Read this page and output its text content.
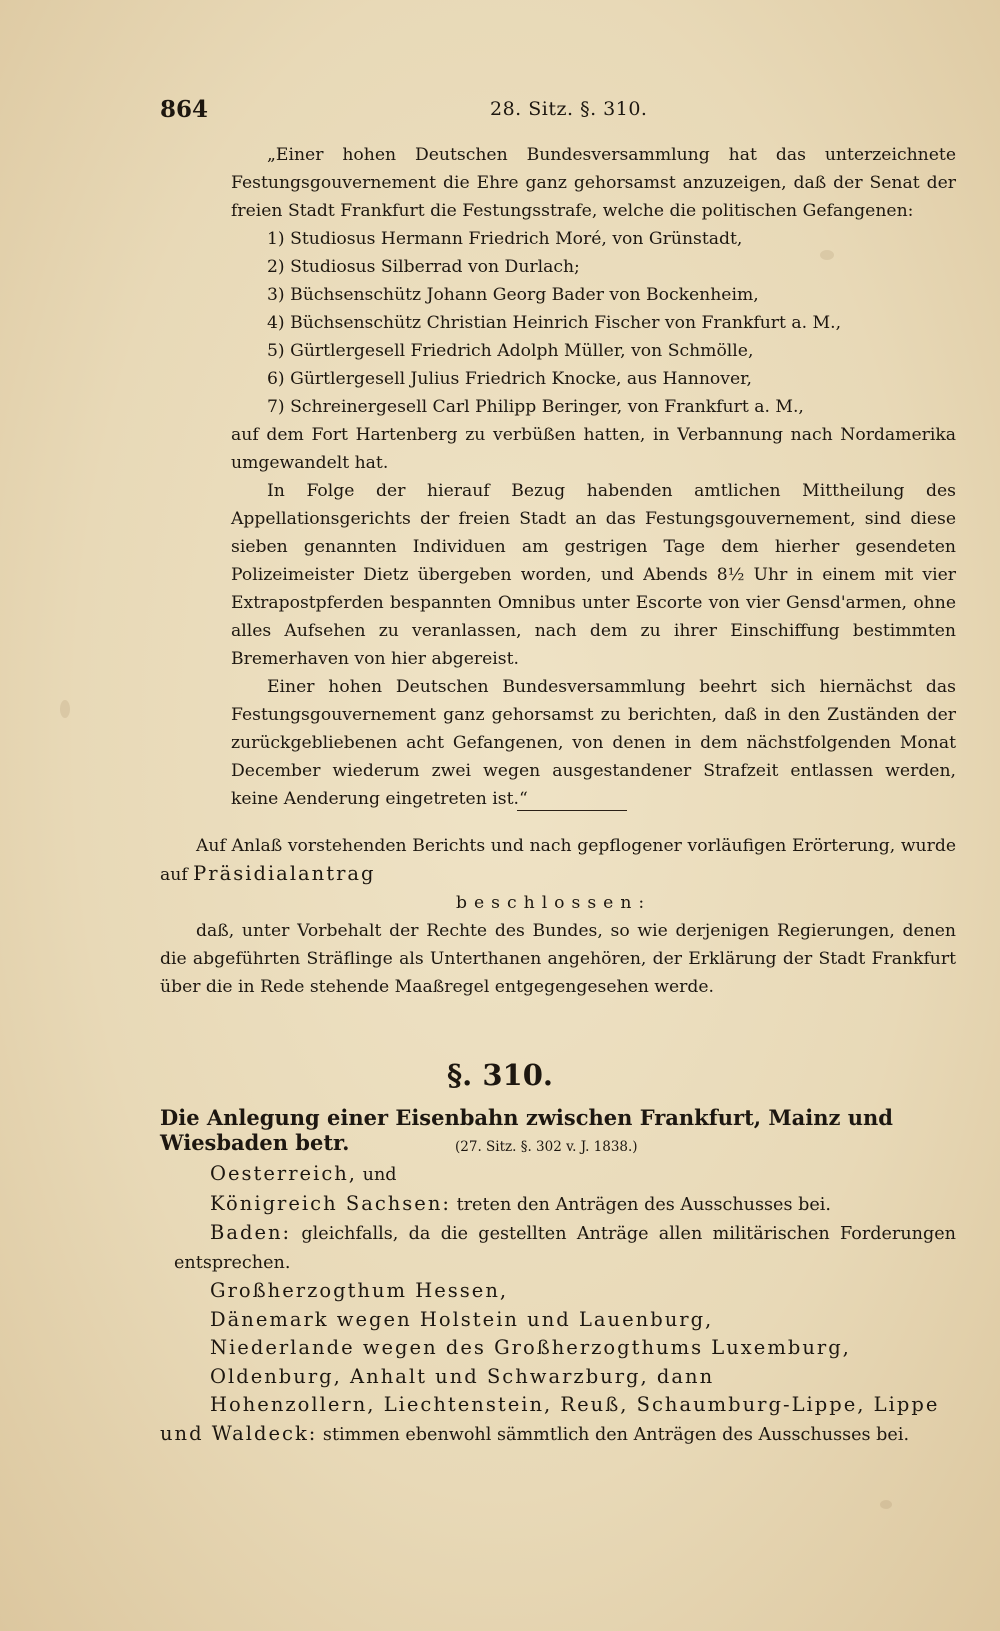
864	28. Sitz. §. 310.

„Einer hohen Deutschen Bundesversammlung hat das unterzeichnete Festungsgouvernement die Ehre ganz gehorsamst anzuzeigen, daß der Senat der freien Stadt Frankfurt die Festungsstrafe, welche die politischen Gefangenen:

1) Studiosus Hermann Friedrich Moré, von Grünstadt,
2) Studiosus Silberrad von Durlach;
3) Büchsenschütz Johann Georg Bader von Bockenheim,
4) Büchsenschütz Christian Heinrich Fischer von Frankfurt a. M.,
5) Gürtlergesell Friedrich Adolph Müller, von Schmölle,
6) Gürtlergesell Julius Friedrich Knocke, aus Hannover,
7) Schreinergesell Carl Philipp Beringer, von Frankfurt a. M.,

auf dem Fort Hartenberg zu verbüßen hatten, in Verbannung nach Nordamerika umgewandelt hat.

In Folge der hierauf Bezug habenden amtlichen Mittheilung des Appellationsgerichts der freien Stadt an das Festungsgouvernement, sind diese sieben genannten Individuen am gestrigen Tage dem hierher gesendeten Polizeimeister Dietz übergeben worden, und Abends 8½ Uhr in einem mit vier Extrapostpferden bespannten Omnibus unter Escorte von vier Gensd'armen, ohne alles Aufsehen zu veranlassen, nach dem zu ihrer Einschiffung bestimmten Bremerhaven von hier abgereist.

Einer hohen Deutschen Bundesversammlung beehrt sich hiernächst das Festungsgouvernement ganz gehorsamst zu berichten, daß in den Zuständen der zurückgebliebenen acht Gefangenen, von denen in dem nächstfolgenden Monat December wiederum zwei wegen ausgestandener Strafzeit entlassen werden, keine Aenderung eingetreten ist.“

Auf Anlaß vorstehenden Berichts und nach gepflogener vorläufigen Erörterung, wurde auf Präsidialantrag

beschlossen:

daß, unter Vorbehalt der Rechte des Bundes, so wie derjenigen Regierungen, denen die abgeführten Sträflinge als Unterthanen angehören, der Erklärung der Stadt Frankfurt über die in Rede stehende Maaßregel entgegengesehen werde.

§. 310.
Die Anlegung einer Eisenbahn zwischen Frankfurt, Mainz und Wiesbaden betr.	(27. Sitz. §. 302 v. J. 1838.)

Oesterreich, und

Königreich Sachsen: treten den Anträgen des Ausschusses bei.

Baden: gleichfalls, da die gestellten Anträge allen militärischen Forderungen entsprechen.

Großherzogthum Hessen,

Dänemark wegen Holstein und Lauenburg,

Niederlande wegen des Großherzogthums Luxemburg,

Oldenburg, Anhalt und Schwarzburg, dann

Hohenzollern, Liechtenstein, Reuß, Schaumburg-Lippe, Lippe

und Waldeck: stimmen ebenwohl sämmtlich den Anträgen des Ausschusses bei.
